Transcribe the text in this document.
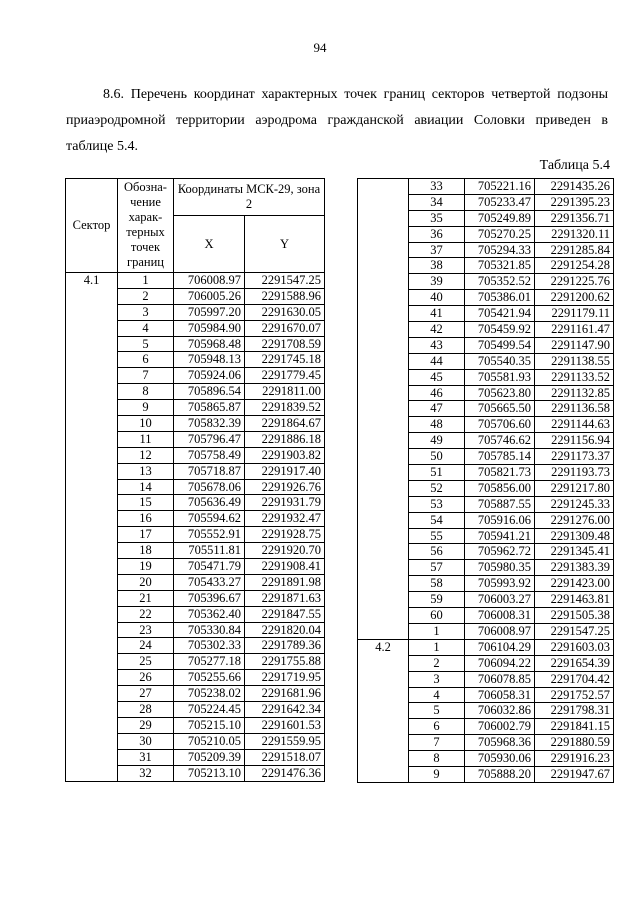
94

8.6. Перечень координат характерных точек границ секторов четвертой подзоны приаэродромной территории аэродрома гражданской авиации Соловки приведен в таблице 5.4.

Таблица 5.4
Сектор	Обозна-чение харак-терных точек границ	Координаты МСК-29, зона 2	
		X	Y
4.1	1	706008.97	2291547.25
	2	706005.26	2291588.96
	3	705997.20	2291630.05
	4	705984.90	2291670.07
	5	705968.48	2291708.59
	6	705948.13	2291745.18
	7	705924.06	2291779.45
	8	705896.54	2291811.00
	9	705865.87	2291839.52
	10	705832.39	2291864.67
	11	705796.47	2291886.18
	12	705758.49	2291903.82
	13	705718.87	2291917.40
	14	705678.06	2291926.76
	15	705636.49	2291931.79
	16	705594.62	2291932.47
	17	705552.91	2291928.75
	18	705511.81	2291920.70
	19	705471.79	2291908.41
	20	705433.27	2291891.98
	21	705396.67	2291871.63
	22	705362.40	2291847.55
	23	705330.84	2291820.04
	24	705302.33	2291789.36
	25	705277.18	2291755.88
	26	705255.66	2291719.95
	27	705238.02	2291681.96
	28	705224.45	2291642.34
	29	705215.10	2291601.53
	30	705210.05	2291559.95
	31	705209.39	2291518.07
	32	705213.10	2291476.36
	33	705221.16	2291435.26
	34	705233.47	2291395.23
	35	705249.89	2291356.71
	36	705270.25	2291320.11
	37	705294.33	2291285.84
	38	705321.85	2291254.28
	39	705352.52	2291225.76
	40	705386.01	2291200.62
	41	705421.94	2291179.11
	42	705459.92	2291161.47
	43	705499.54	2291147.90
	44	705540.35	2291138.55
	45	705581.93	2291133.52
	46	705623.80	2291132.85
	47	705665.50	2291136.58
	48	705706.60	2291144.63
	49	705746.62	2291156.94
	50	705785.14	2291173.37
	51	705821.73	2291193.73
	52	705856.00	2291217.80
	53	705887.55	2291245.33
	54	705916.06	2291276.00
	55	705941.21	2291309.48
	56	705962.72	2291345.41
	57	705980.35	2291383.39
	58	705993.92	2291423.00
	59	706003.27	2291463.81
	60	706008.31	2291505.38
	1	706008.97	2291547.25
4.2	1	706104.29	2291603.03
	2	706094.22	2291654.39
	3	706078.85	2291704.42
	4	706058.31	2291752.57
	5	706032.86	2291798.31
	6	706002.79	2291841.15
	7	705968.36	2291880.59
	8	705930.06	2291916.23
	9	705888.20	2291947.67
